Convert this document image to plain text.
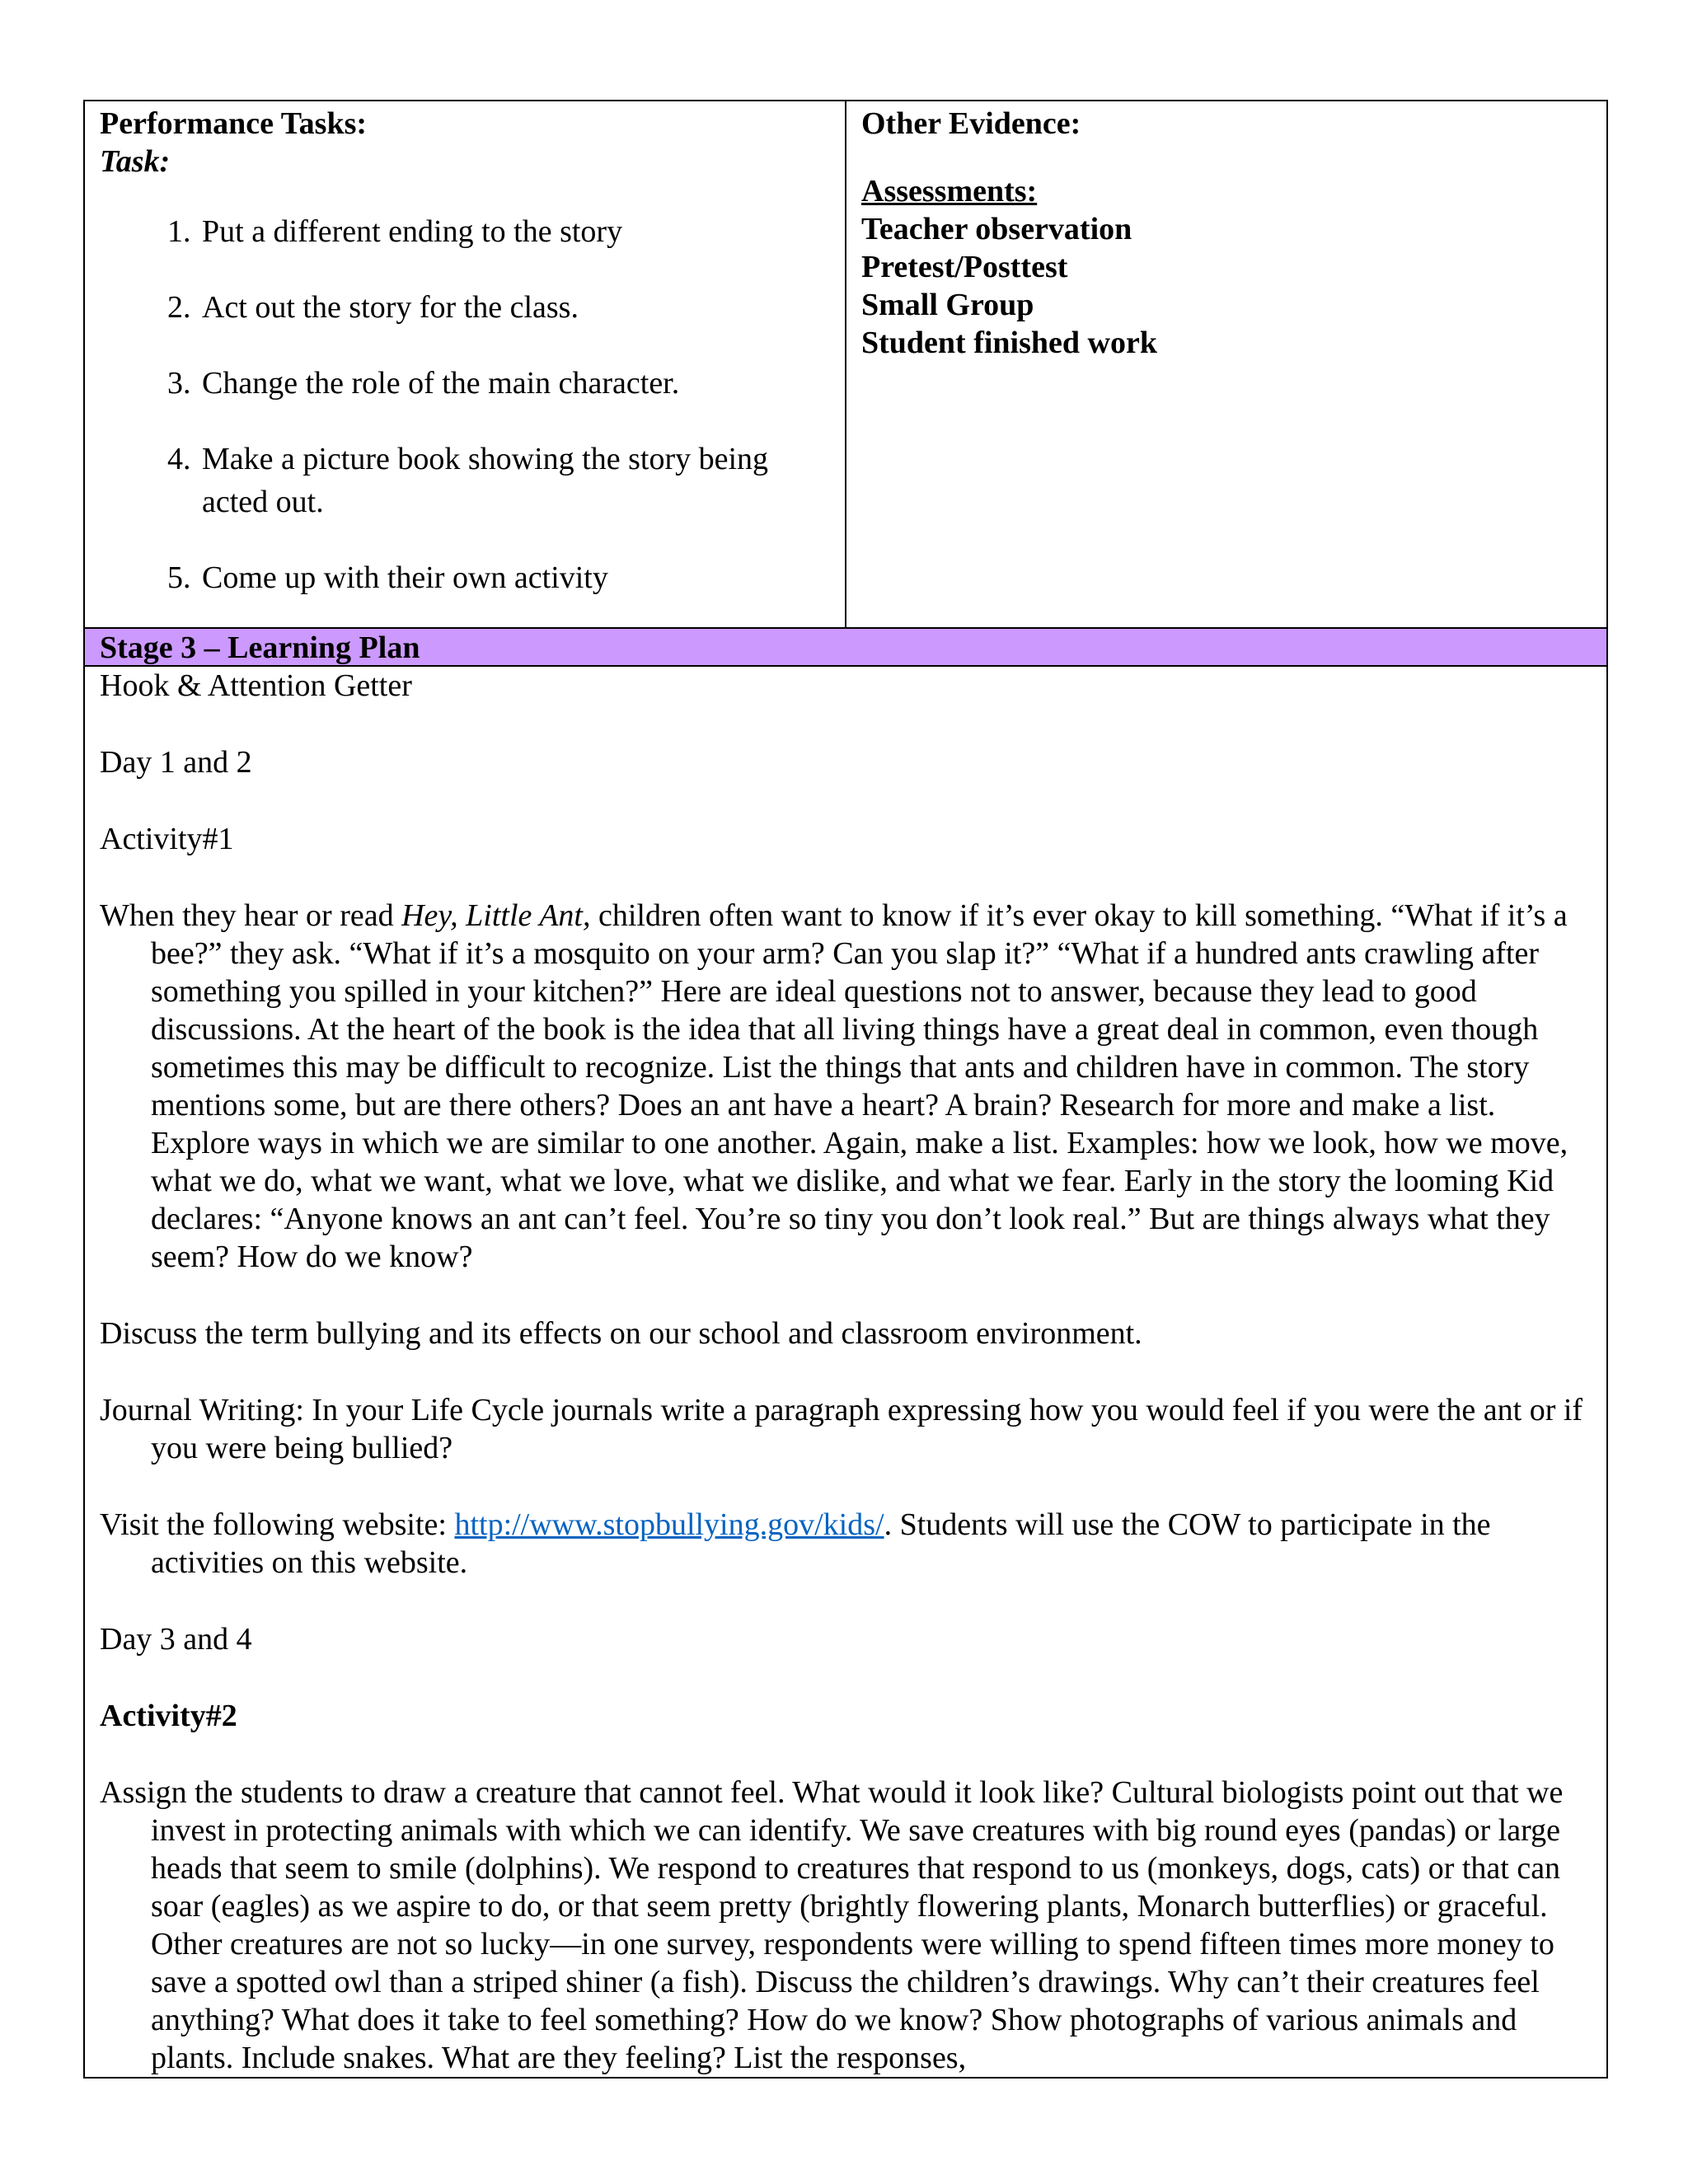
Performance Tasks:
Task:
1. Put a different ending to the story
2. Act out the story for the class.
3. Change the role of the main character.
4. Make a picture book showing the story being acted out.
5. Come up with their own activity

Other Evidence:
Assessments:
Teacher observation
Pretest/Posttest
Small Group
Student finished work

Stage 3 – Learning Plan

Hook & Attention Getter

Day 1 and 2

Activity#1

When they hear or read Hey, Little Ant, children often want to know if it’s ever okay to kill something. “What if it’s a bee?” they ask. “What if it’s a mosquito on your arm? Can you slap it?” “What if a hundred ants crawling after something you spilled in your kitchen?” Here are ideal questions not to answer, because they lead to good discussions. At the heart of the book is the idea that all living things have a great deal in common, even though sometimes this may be difficult to recognize. List the things that ants and children have in common. The story mentions some, but are there others? Does an ant have a heart? A brain? Research for more and make a list. Explore ways in which we are similar to one another. Again, make a list. Examples: how we look, how we move, what we do, what we want, what we love, what we dislike, and what we fear. Early in the story the looming Kid declares: “Anyone knows an ant can’t feel. You’re so tiny you don’t look real.” But are things always what they seem? How do we know?

Discuss the term bullying and its effects on our school and classroom environment.

Journal Writing: In your Life Cycle journals write a paragraph expressing how you would feel if you were the ant or if you were being bullied?

Visit the following website: http://www.stopbullying.gov/kids/. Students will use the COW to participate in the activities on this website.

Day 3 and 4

Activity#2

Assign the students to draw a creature that cannot feel. What would it look like? Cultural biologists point out that we invest in protecting animals with which we can identify. We save creatures with big round eyes (pandas) or large heads that seem to smile (dolphins). We respond to creatures that respond to us (monkeys, dogs, cats) or that can soar (eagles) as we aspire to do, or that seem pretty (brightly flowering plants, Monarch butterflies) or graceful. Other creatures are not so lucky—in one survey, respondents were willing to spend fifteen times more money to save a spotted owl than a striped shiner (a fish). Discuss the children’s drawings. Why can’t their creatures feel anything? What does it take to feel something? How do we know? Show photographs of various animals and plants. Include snakes. What are they feeling? List the responses,
